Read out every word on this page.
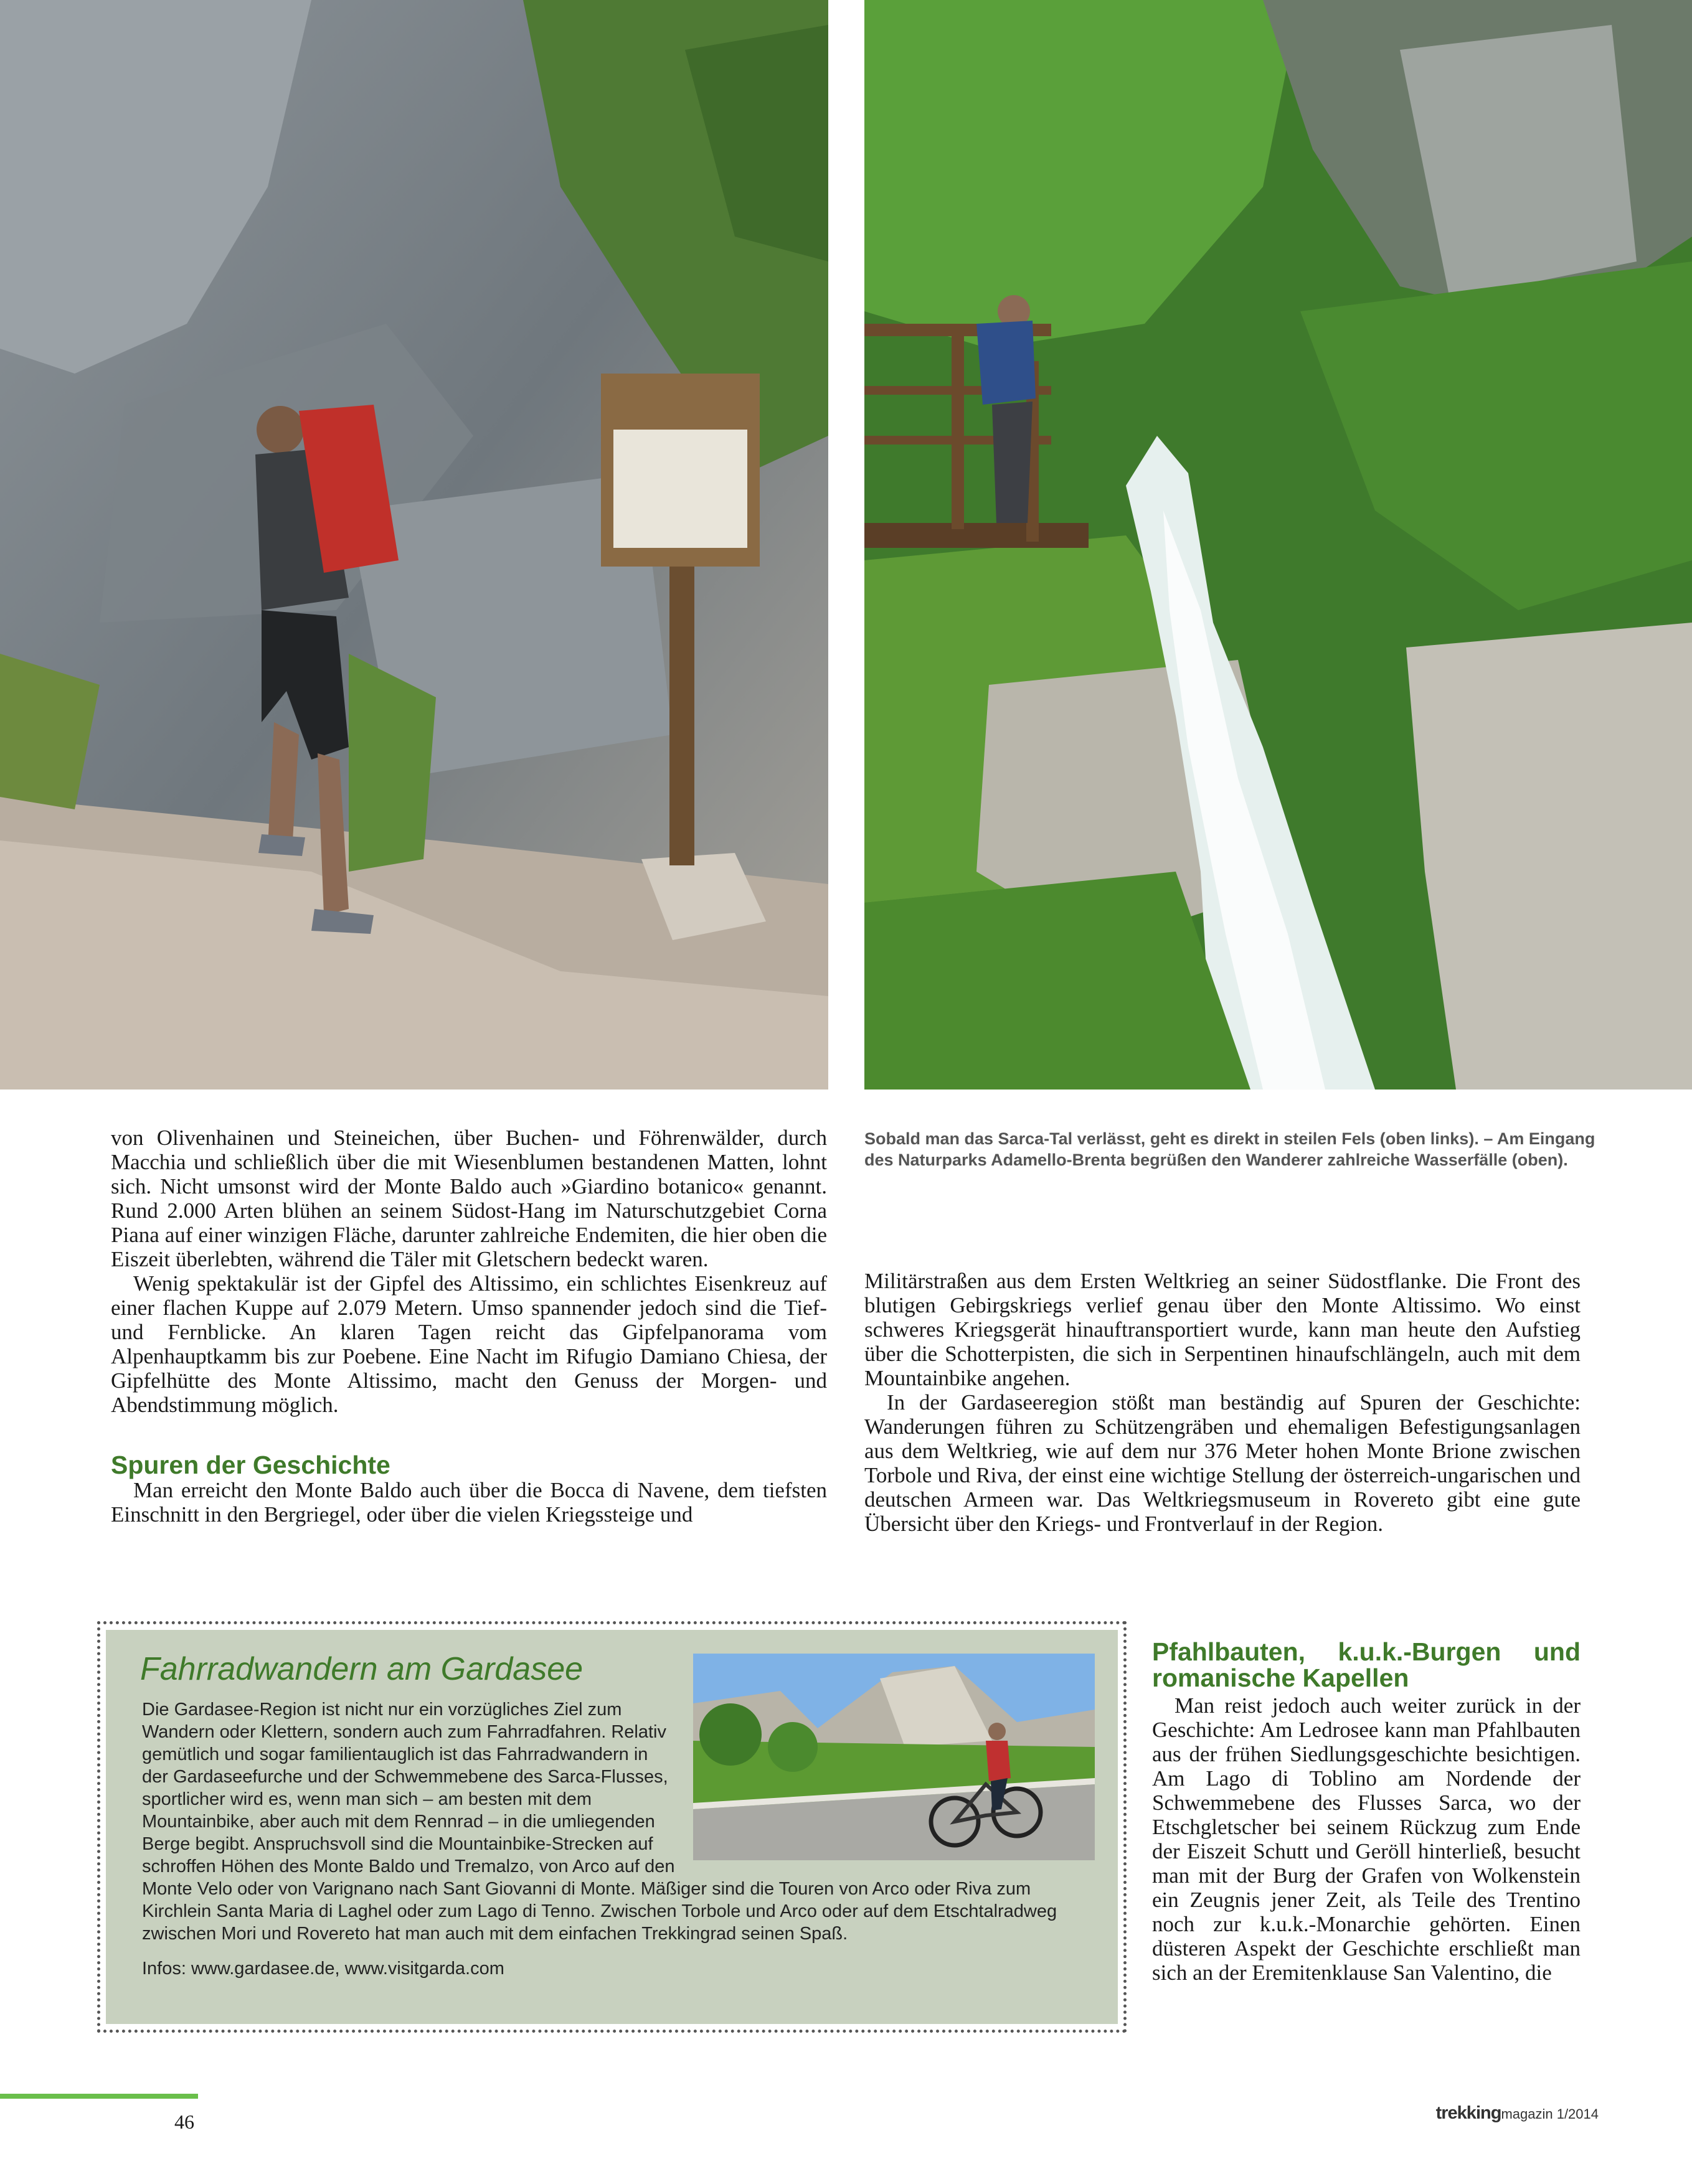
Sobald man das Sarca-Tal verlässt, geht es direkt in steilen Fels (oben links). – Am Eingang des Naturparks Adamello-Brenta begrüßen den Wanderer zahlreiche Wasserfälle (oben).

von Olivenhainen und Steineichen, über Buchen- und Föhrenwälder, durch Macchia und schließlich über die mit Wiesenblumen bestandenen Matten, lohnt sich. Nicht umsonst wird der Monte Baldo auch »Giardino botanico« genannt. Rund 2.000 Arten blühen an seinem Südost-Hang im Naturschutzgebiet Corna Piana auf einer winzigen Fläche, darunter zahlreiche Endemiten, die hier oben die Eiszeit überlebten, während die Täler mit Gletschern bedeckt waren.

Wenig spektakulär ist der Gipfel des Altissimo, ein schlichtes Eisenkreuz auf einer flachen Kuppe auf 2.079 Metern. Umso spannender jedoch sind die Tief- und Fernblicke. An klaren Tagen reicht das Gipfelpanorama vom Alpenhauptkamm bis zur Poebene. Eine Nacht im Rifugio Damiano Chiesa, der Gipfelhütte des Monte Altissimo, macht den Genuss der Morgen- und Abendstimmung möglich.

Spuren der Geschichte

Man erreicht den Monte Baldo auch über die Bocca di Navene, dem tiefsten Einschnitt in den Bergriegel, oder über die vielen Kriegssteige und

Militärstraßen aus dem Ersten Weltkrieg an seiner Südostflanke. Die Front des blutigen Gebirgskriegs verlief genau über den Monte Altissimo. Wo einst schweres Kriegsgerät hinauftransportiert wurde, kann man heute den Aufstieg über die Schotterpisten, die sich in Serpentinen hinaufschlängeln, auch mit dem Mountainbike angehen.

In der Gardaseeregion stößt man beständig auf Spuren der Geschichte: Wanderungen führen zu Schützengräben und ehemaligen Befestigungsanlagen aus dem Weltkrieg, wie auf dem nur 376 Meter hohen Monte Brione zwischen Torbole und Riva, der einst eine wichtige Stellung der österreich-ungarischen und deutschen Armeen war. Das Weltkriegsmuseum in Rovereto gibt eine gute Übersicht über den Kriegs- und Frontverlauf in der Region.

Pfahlbauten, k.u.k.-Burgen und romanische Kapellen

Man reist jedoch auch weiter zurück in der Geschichte: Am Ledrosee kann man Pfahlbauten aus der frühen Siedlungsgeschichte besichtigen. Am Lago di Toblino am Nordende der Schwemmebene des Flusses Sarca, wo der Etschgletscher bei seinem Rückzug zum Ende der Eiszeit Schutt und Geröll hinterließ, besucht man mit der Burg der Grafen von Wolkenstein ein Zeugnis jener Zeit, als Teile des Trentino noch zur k.u.k.-Monarchie gehörten. Einen düsteren Aspekt der Geschichte erschließt man sich an der Eremitenklause San Valentino, die

Fahrradwandern am Gardasee

Die Gardasee-Region ist nicht nur ein vorzügliches Ziel zum Wandern oder Klettern, sondern auch zum Fahrradfahren. Relativ gemütlich und sogar familientauglich ist das Fahrradwandern in der Gardaseefurche und der Schwemmebene des Sarca-Flusses, sportlicher wird es, wenn man sich – am besten mit dem Mountainbike, aber auch mit dem Rennrad – in die umliegenden Berge begibt. Anspruchsvoll sind die Mountainbike-Strecken auf schroffen Höhen des Monte Baldo und Tremalzo, von Arco auf den Monte Velo oder von Varignano nach Sant Giovanni di Monte. Mäßiger sind die Touren von Arco oder Riva zum Kirchlein Santa Maria di Laghel oder zum Lago di Tenno. Zwischen Torbole und Arco oder auf dem Etschtalradweg zwischen Mori und Rovereto hat man auch mit dem einfachen Trekkingrad seinen Spaß.

Infos: www.gardasee.de, www.visitgarda.com

46	trekkingmagazin 1/2014
